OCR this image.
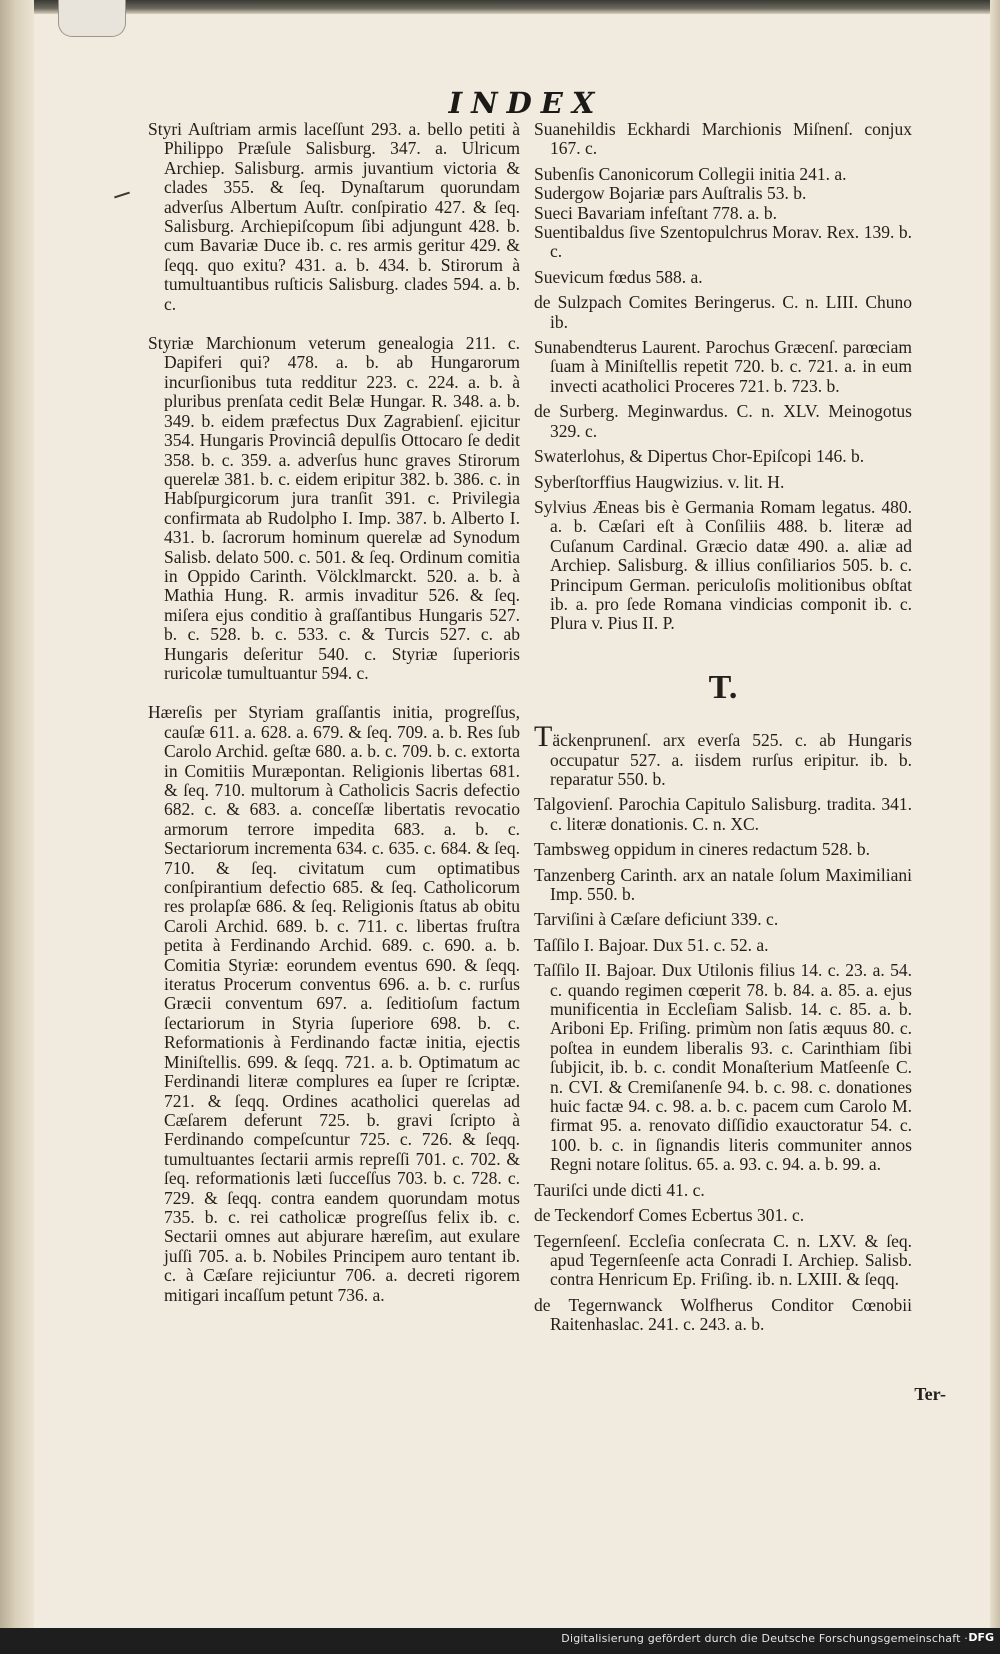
INDEX

Styri Auſtriam armis laceſſunt 293. a. bello petiti à Philippo Præſule Salisburg. 347. a. Ulricum Archiep. Salisburg. armis juvantium victoria & clades 355. & ſeq. Dynaſtarum quorundam adverſus Albertum Auſtr. conſpiratio 427. & ſeq. Salisburg. Archiepiſcopum ſibi adjungunt 428. b. cum Bavariæ Duce ib. c. res armis geritur 429. & ſeqq. quo exitu? 431. a. b. 434. b. Stirorum à tumultuantibus ruſticis Salisburg. clades 594. a. b. c.

Styriæ Marchionum veterum genealogia 211. c. Dapiferi qui? 478. a. b. ab Hungarorum incurſionibus tuta redditur 223. c. 224. a. b. à pluribus prenſata cedit Belæ Hungar. R. 348. a. b. 349. b. eidem præfectus Dux Zagrabienſ. ejicitur 354. Hungaris Provinciâ depulſis Ottocaro ſe dedit 358. b. c. 359. a. adverſus hunc graves Stirorum querelæ 381. b. c. eidem eripitur 382. b. 386. c. in Habſpurgicorum jura tranſit 391. c. Privilegia confirmata ab Rudolpho I. Imp. 387. b. Alberto I. 431. b. ſacrorum hominum querelæ ad Synodum Salisb. delato 500. c. 501. & ſeq. Ordinum comitia in Oppido Carinth. Völcklmarckt. 520. a. b. à Mathia Hung. R. armis invaditur 526. & ſeq. miſera ejus conditio à graſſantibus Hungaris 527. b. c. 528. b. c. 533. c. & Turcis 527. c. ab Hungaris deſeritur 540. c. Styriæ ſuperioris ruricolæ tumultuantur 594. c.

Hæreſis per Styriam graſſantis initia, progreſſus, cauſæ 611. a. 628. a. 679. & ſeq. 709. a. b. Res ſub Carolo Archid. geſtæ 680. a. b. c. 709. b. c. extorta in Comitiis Muræpontan. Religionis libertas 681. & ſeq. 710. multorum à Catholicis Sacris defectio 682. c. & 683. a. conceſſæ libertatis revocatio armorum terrore impedita 683. a. b. c. Sectariorum incrementa 634. c. 635. c. 684. & ſeq. 710. & ſeq. civitatum cum optimatibus conſpirantium defectio 685. & ſeq. Catholicorum res prolapſæ 686. & ſeq. Religionis ſtatus ab obitu Caroli Archid. 689. b. c. 711. c. libertas fruſtra petita à Ferdinando Archid. 689. c. 690. a. b. Comitia Styriæ: eorundem eventus 690. & ſeqq. iteratus Procerum conventus 696. a. b. c. rurſus Græcii conventum 697. a. ſeditioſum factum ſectariorum in Styria ſuperiore 698. b. c. Reformationis à Ferdinando factæ initia, ejectis Miniſtellis. 699. & ſeqq. 721. a. b. Optimatum ac Ferdinandi literæ complures ea ſuper re ſcriptæ. 721. & ſeqq. Ordines acatholici querelas ad Cæſarem deferunt 725. b. gravi ſcripto à Ferdinando compeſcuntur 725. c. 726. & ſeqq. tumultuantes ſectarii armis repreſſi 701. c. 702. & ſeq. reformationis læti ſucceſſus 703. b. c. 728. c. 729. & ſeqq. contra eandem quorundam motus 735. b. c. rei catholicæ progreſſus felix ib. c. Sectarii omnes aut abjurare hæreſim, aut exulare juſſi 705. a. b. Nobiles Principem auro tentant ib. c. à Cæſare rejiciuntur 706. a. decreti rigorem mitigari incaſſum petunt 736. a.

Suanehildis Eckhardi Marchionis Miſnenſ. conjux 167. c.

Subenſis Canonicorum Collegii initia 241. a.

Sudergow Bojariæ pars Auſtralis 53. b.

Sueci Bavariam infeſtant 778. a. b.

Suentibaldus ſive Szentopulchrus Morav. Rex. 139. b. c.

Suevicum fœdus 588. a.

de Sulzpach Comites Beringerus. C. n. LIII. Chuno ib.

Sunabendterus Laurent. Parochus Græcenſ. parœciam ſuam à Miniſtellis repetit 720. b. c. 721. a. in eum invecti acatholici Proceres 721. b. 723. b.

de Surberg. Meginwardus. C. n. XLV. Meinogotus 329. c.

Swaterlohus, & Dipertus Chor-Epiſcopi 146. b.

Syberſtorffius Haugwizius. v. lit. H.

Sylvius Æneas bis è Germania Romam legatus. 480. a. b. Cæſari eſt à Conſiliis 488. b. literæ ad Cuſanum Cardinal. Græcio datæ 490. a. aliæ ad Archiep. Salisburg. & illius conſiliarios 505. b. c. Principum German. periculoſis molitionibus obſtat ib. a. pro ſede Romana vindicias componit ib. c. Plura v. Pius II. P.

T.

Täckenprunenſ. arx everſa 525. c. ab Hungaris occupatur 527. a. iisdem rurſus eripitur. ib. b. reparatur 550. b.

Talgovienſ. Parochia Capitulo Salisburg. tradita. 341. c. literæ donationis. C. n. XC.

Tambsweg oppidum in cineres redactum 528. b.

Tanzenberg Carinth. arx an natale ſolum Maximiliani Imp. 550. b.

Tarviſini à Cæſare deficiunt 339. c.

Taſſilo I. Bajoar. Dux 51. c. 52. a.

Taſſilo II. Bajoar. Dux Utilonis filius 14. c. 23. a. 54. c. quando regimen cœperit 78. b. 84. a. 85. a. ejus munificentia in Eccleſiam Salisb. 14. c. 85. a. b. Ariboni Ep. Friſing. primùm non ſatis æquus 80. c. poſtea in eundem liberalis 93. c. Carinthiam ſibi ſubjicit, ib. b. c. condit Monaſterium Matſeenſe C. n. CVI. & Cremiſanenſe 94. b. c. 98. c. donationes huic factæ 94. c. 98. a. b. c. pacem cum Carolo M. firmat 95. a. renovato diſſidio exauctoratur 54. c. 100. b. c. in ſignandis literis communiter annos Regni notare ſolitus. 65. a. 93. c. 94. a. b. 99. a.

Tauriſci unde dicti 41. c.

de Teckendorf Comes Ecbertus 301. c.

Tegernſeenſ. Eccleſia conſecrata C. n. LXV. & ſeq. apud Tegernſeenſe acta Conradi I. Archiep. Salisb. contra Henricum Ep. Friſing. ib. n. LXIII. & ſeqq.

de Tegernwanck Wolfherus Conditor Cœnobii Raitenhaslac. 241. c. 243. a. b.

Ter-
Digitalisierung gefördert durch die Deutsche Forschungsgemeinschaft · DFG
